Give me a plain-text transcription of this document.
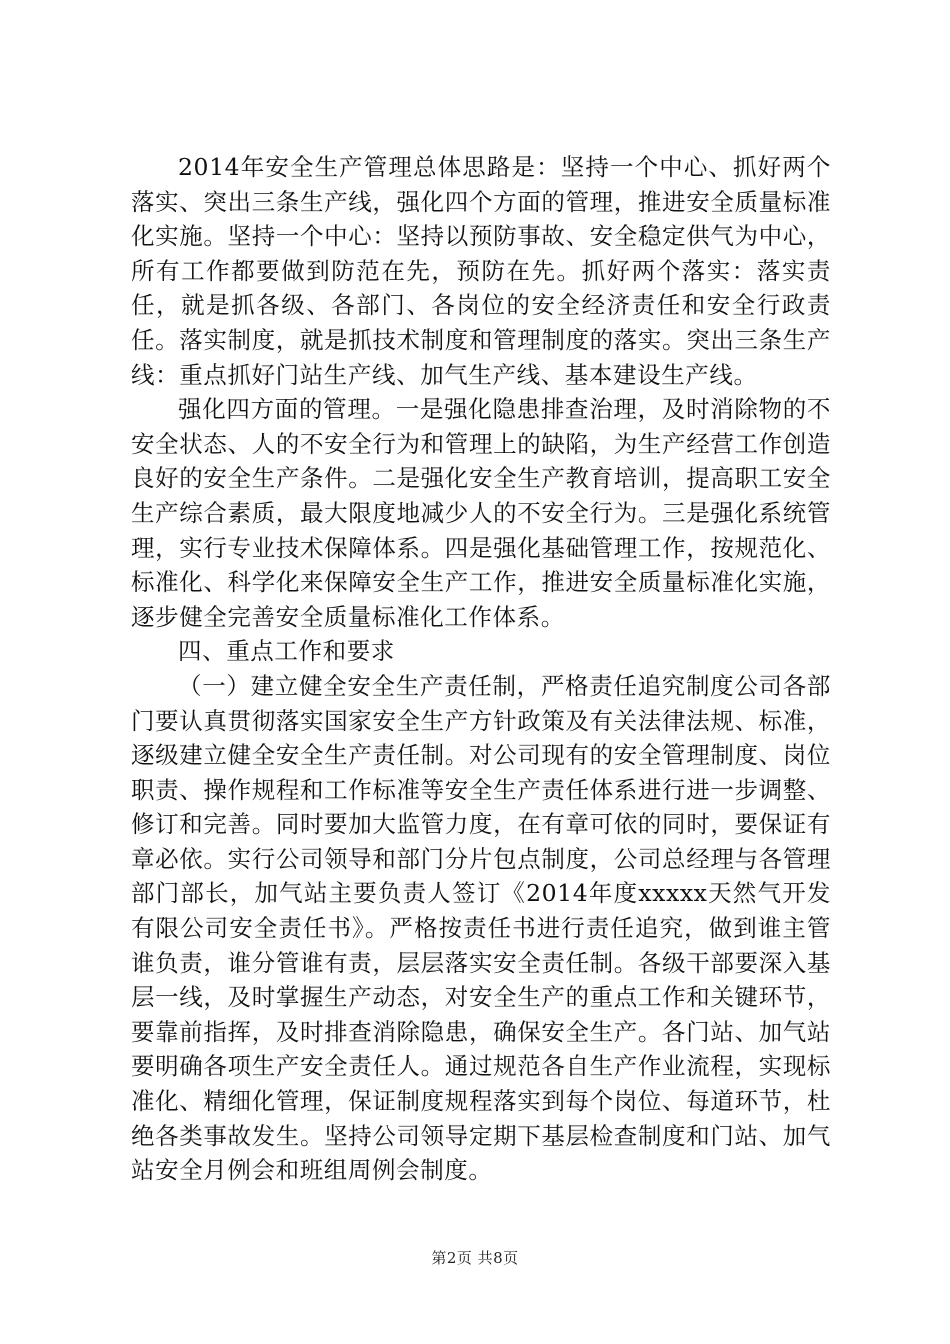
2014年安全生产管理总体思路是：坚持一个中心、抓好两个落实、突出三条生产线，强化四个方面的管理，推进安全质量标准化实施。坚持一个中心：坚持以预防事故、安全稳定供气为中心，所有工作都要做到防范在先，预防在先。抓好两个落实：落实责任，就是抓各级、各部门、各岗位的安全经济责任和安全行政责任。落实制度，就是抓技术制度和管理制度的落实。突出三条生产线：重点抓好门站生产线、加气生产线、基本建设生产线。

强化四方面的管理。一是强化隐患排查治理，及时消除物的不安全状态、人的不安全行为和管理上的缺陷，为生产经营工作创造良好的安全生产条件。二是强化安全生产教育培训，提高职工安全生产综合素质，最大限度地减少人的不安全行为。三是强化系统管理，实行专业技术保障体系。四是强化基础管理工作，按规范化、标准化、科学化来保障安全生产工作，推进安全质量标准化实施，逐步健全完善安全质量标准化工作体系。

四、重点工作和要求

（一）建立健全安全生产责任制，严格责任追究制度公司各部门要认真贯彻落实国家安全生产方针政策及有关法律法规、标准，逐级建立健全安全生产责任制。对公司现有的安全管理制度、岗位职责、操作规程和工作标准等安全生产责任体系进行进一步调整、修订和完善。同时要加大监管力度，在有章可依的同时，要保证有章必依。实行公司领导和部门分片包点制度，公司总经理与各管理部门部长，加气站主要负责人签订《2014年度xxxxx天然气开发有限公司安全责任书》。严格按责任书进行责任追究，做到谁主管谁负责，谁分管谁有责，层层落实安全责任制。各级干部要深入基层一线，及时掌握生产动态，对安全生产的重点工作和关键环节，要靠前指挥，及时排查消除隐患，确保安全生产。各门站、加气站要明确各项生产安全责任人。通过规范各自生产作业流程，实现标准化、精细化管理，保证制度规程落实到每个岗位、每道环节，杜绝各类事故发生。坚持公司领导定期下基层检查制度和门站、加气站安全月例会和班组周例会制度。

第2页 共8页
